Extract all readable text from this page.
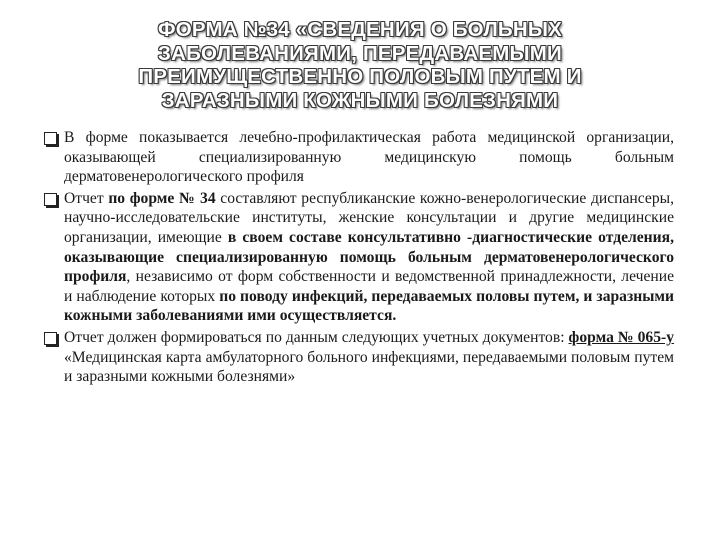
ФОРМА №34 «СВЕДЕНИЯ О БОЛЬНЫХ
ЗАБОЛЕВАНИЯМИ, ПЕРЕДАВАЕМЫМИ
ПРЕИМУЩЕСТВЕННО ПОЛОВЫМ ПУТЕМ И
ЗАРАЗНЫМИ КОЖНЫМИ БОЛЕЗНЯМИ

В форме показывается лечебно-профилактическая работа медицинской организации, оказывающей специализированную медицинскую помощь больным дерматовенерологического профиля

Отчет по форме № 34 составляют республиканские кожно-венерологические диспансеры, научно-исследовательские институты, женские консультации и другие медицинские организации, имеющие в своем составе консультативно -диагностические отделения, оказывающие специализированную помощь больным дерматовенерологического профиля, независимо от форм собственности и ведомственной принадлежности, лечение и наблюдение которых по поводу инфекций, передаваемых половы путем, и заразными кожными заболеваниями ими осуществляется.

Отчет должен формироваться по данным следующих учетных документов: форма № 065-у «Медицинская карта амбулаторного больного инфекциями, передаваемыми половым путем и заразными кожными болезнями»
